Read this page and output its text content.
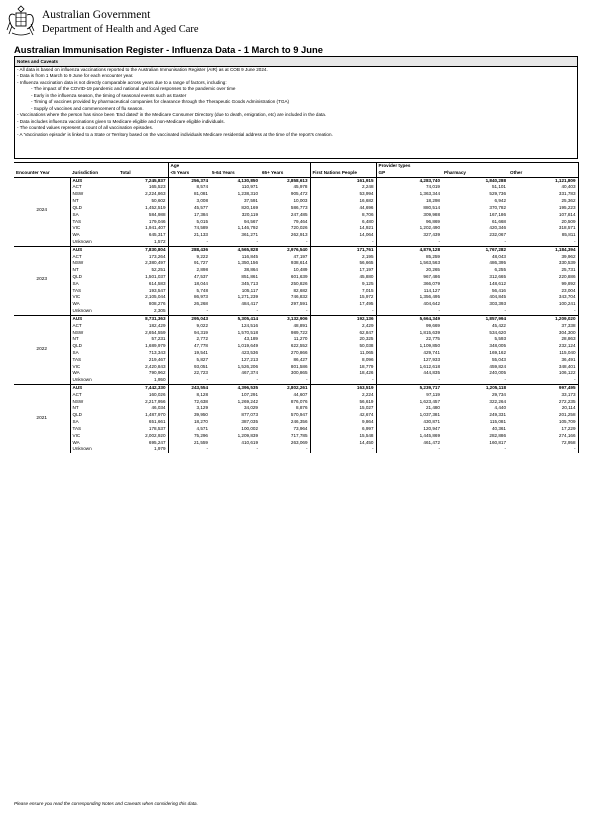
Australian Government
Department of Health and Aged Care
Australian Immunisation Register - Influenza Data - 1 March to 9 June
Notes and Caveats
- All data is based on influenza vaccinations reported to the Australian Immunisation Register (AIR) as at COB 9 June 2024.
- Data is from 1 March to 9 June for each encounter year.
- Influenza vaccination data is not directly comparable across years due to a range of factors, including:
- The impact of the COVID-19 pandemic and national and local responses to the pandemic over time
- Early in the influenza season, the timing of seasonal events such as Easter
- Timing of vaccines provided by pharmaceutical companies for clearance through the Therapeutic Goods Administration (TGA)
- Supply of vaccines and commencement of flu season.
- Vaccinations where the person has since been 'End dated' in the Medicare Consumer Directory (due to death, emigration, etc) are included in the data.
- Data includes influenza vaccinations given to Medicare eligible and non-Medicare eligible individuals.
- The counted values represent a count of all vaccination episodes.
- A 'Vaccination episode' is linked to a State or Territory based on the vaccinated individuals Medicare residential address at the time of the report's creation.
			Age				Provider types		
Encounter Year	Jurisdiction	Total	<5 Years	5-64 Years	65+ Years	First Nations People	GP	Pharmacy	Other
2024	AUS	7,245,837	256,374	4,130,850	2,858,613	161,915	4,283,740	1,840,288	1,121,809
	ACT	165,523	8,574	110,971	45,978	2,248	74,019	51,101	40,403
	NSW	2,224,863	81,081	1,238,310	905,472	53,994	1,363,344	529,736	331,783
	NT	50,602	3,008	37,591	10,003	16,682	18,298	6,942	25,362
	QLD	1,452,519	45,577	820,169	586,773	44,696	880,514	370,782	195,223
	SA	584,988	17,384	320,119	247,485	8,706	309,988	167,186	107,814
	TAS	179,046	5,015	94,567	79,464	6,480	96,869	61,668	20,509
	VIC	1,941,407	74,589	1,146,792	720,026	14,921	1,202,490	420,346	318,571
	WA	645,317	21,133	361,271	262,913	14,064	327,439	232,067	85,811
	Unknown	1,572	-	-	-	-	-	-	-
2023	AUS	7,830,804	288,436	4,565,828	2,976,540	171,761	4,879,128	1,767,282	1,184,394
	ACT	173,264	9,222	116,845	47,197	2,195	85,259	48,043	39,962
	NSW	2,380,497	91,727	1,350,156	938,614	56,665	1,563,563	486,395	330,539
	NT	52,251	2,898	38,864	10,489	17,197	20,265	6,255	25,731
	QLD	1,501,037	47,537	851,861	601,639	45,880	967,486	312,665	220,886
	SA	614,583	18,044	345,713	250,826	9,125	366,079	148,612	99,892
	TAS	193,547	5,748	105,117	82,682	7,015	114,127	56,416	23,004
	VIC	2,105,044	86,973	1,271,239	746,832	15,972	1,356,495	404,845	343,704
	WA	808,276	26,268	484,417	297,591	17,495	404,642	303,393	100,241
	Unknown	2,305	-	-	-	-	-	-	-
2022	AUS	8,731,363	295,043	5,305,414	3,132,906	192,136	5,664,349	1,857,994	1,209,020
	ACT	182,429	9,022	124,516	48,891	2,429	99,669	45,422	37,338
	NSW	2,654,559	94,319	1,570,518	989,722	62,847	1,815,639	534,620	304,300
	NT	57,231	2,772	43,189	11,270	20,325	22,775	5,593	28,863
	QLD	1,689,979	47,778	1,019,649	622,552	50,038	1,109,850	348,005	232,124
	SA	713,343	19,541	423,536	270,866	11,065	429,741	169,162	115,040
	TAS	219,467	5,827	127,213	86,427	8,096	127,933	55,043	36,491
	VIC	2,420,843	93,051	1,526,206	801,586	18,779	1,612,618	459,824	348,401
	WA	790,962	22,723	467,374	300,865	18,426	444,835	240,005	106,122
	Unknown	1,950	-	-	-	-	-	-	-
2021	AUS	7,442,330	243,554	4,396,535	2,802,261	163,519	5,239,717	1,205,118	997,495
	ACT	160,026	8,128	107,291	44,607	2,224	97,119	29,734	33,173
	NSW	2,217,956	72,638	1,269,242	876,076	56,619	1,623,457	322,264	272,235
	NT	46,034	3,129	34,029	8,876	15,027	21,480	4,440	20,114
	QLD	1,487,970	39,950	877,073	570,947	42,674	1,037,381	249,331	201,258
	SA	651,661	18,270	387,035	246,356	9,864	430,871	115,081	105,709
	TAS	178,537	4,571	100,002	73,964	6,997	120,947	40,361	17,229
	VIC	2,002,920	75,296	1,209,839	717,785	15,548	1,445,869	282,886	274,166
	WA	695,247	21,559	410,619	263,069	14,450	461,472	160,817	72,958
	Unknown	1,979	-	-	-	-	-	-	-
Please ensure you read the corresponding Notes and Caveats when considering this data.
